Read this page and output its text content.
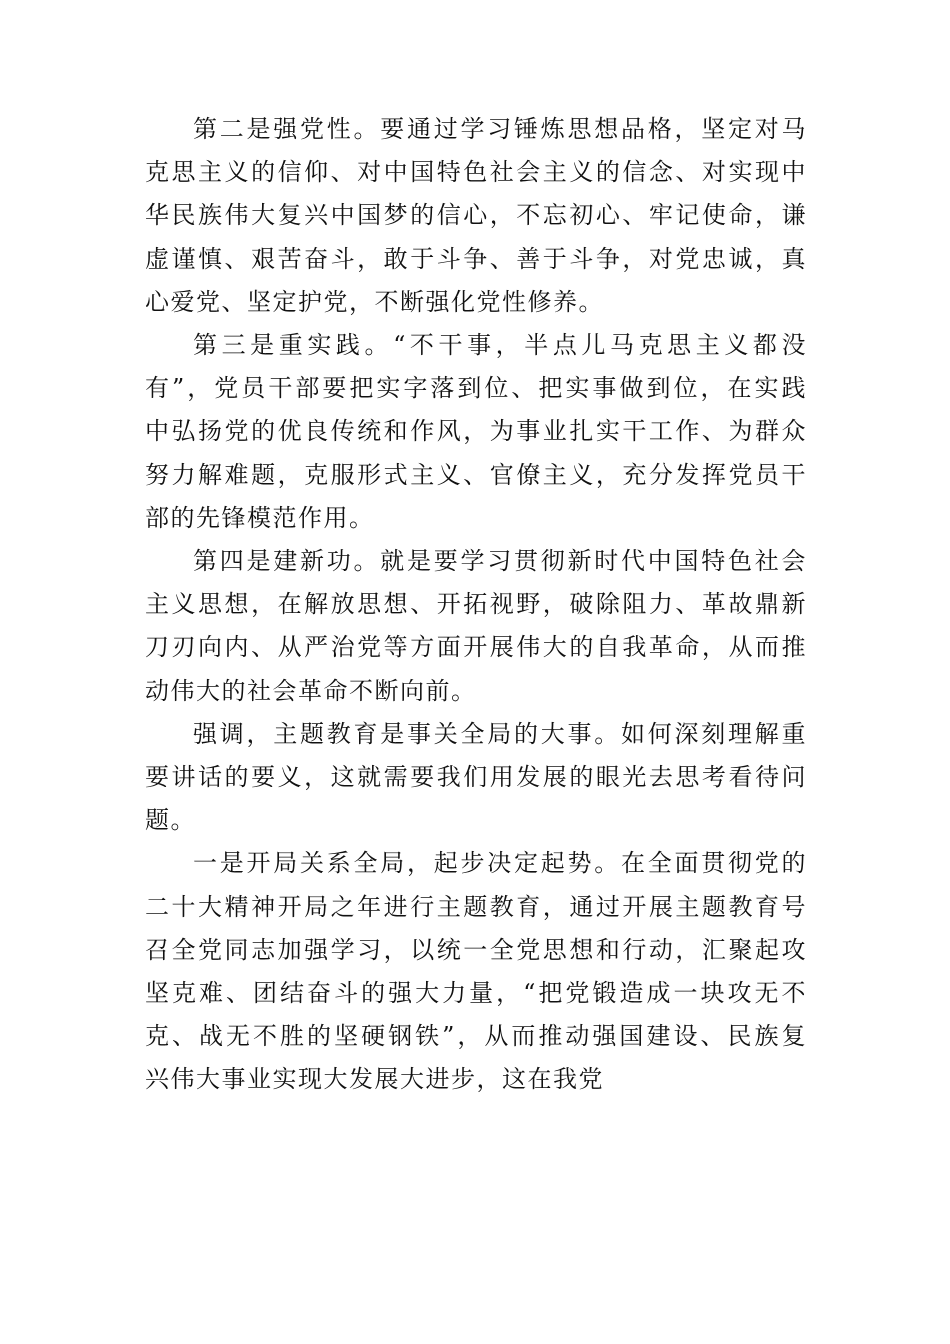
第二是强党性。要通过学习锤炼思想品格，坚定对马
克思主义的信仰、对中国特色社会主义的信念、对实现中
华民族伟大复兴中国梦的信心，不忘初心、牢记使命，谦
虚谨慎、艰苦奋斗，敢于斗争、善于斗争，对党忠诚，真
心爱党、坚定护党，不断强化党性修养。

第三是重实践。“不干事，半点儿马克思主义都没
有”，党员干部要把实字落到位、把实事做到位，在实践
中弘扬党的优良传统和作风，为事业扎实干工作、为群众
努力解难题，克服形式主义、官僚主义，充分发挥党员干
部的先锋模范作用。

第四是建新功。就是要学习贯彻新时代中国特色社会
主义思想，在解放思想、开拓视野，破除阻力、革故鼎新
刀刃向内、从严治党等方面开展伟大的自我革命，从而推
动伟大的社会革命不断向前。

强调，主题教育是事关全局的大事。如何深刻理解重
要讲话的要义，这就需要我们用发展的眼光去思考看待问
题。

一是开局关系全局，起步决定起势。在全面贯彻党的
二十大精神开局之年进行主题教育，通过开展主题教育号
召全党同志加强学习，以统一全党思想和行动，汇聚起攻
坚克难、团结奋斗的强大力量，“把党锻造成一块攻无不
克、战无不胜的坚硬钢铁”，从而推动强国建设、民族复
兴伟大事业实现大发展大进步，这在我党
